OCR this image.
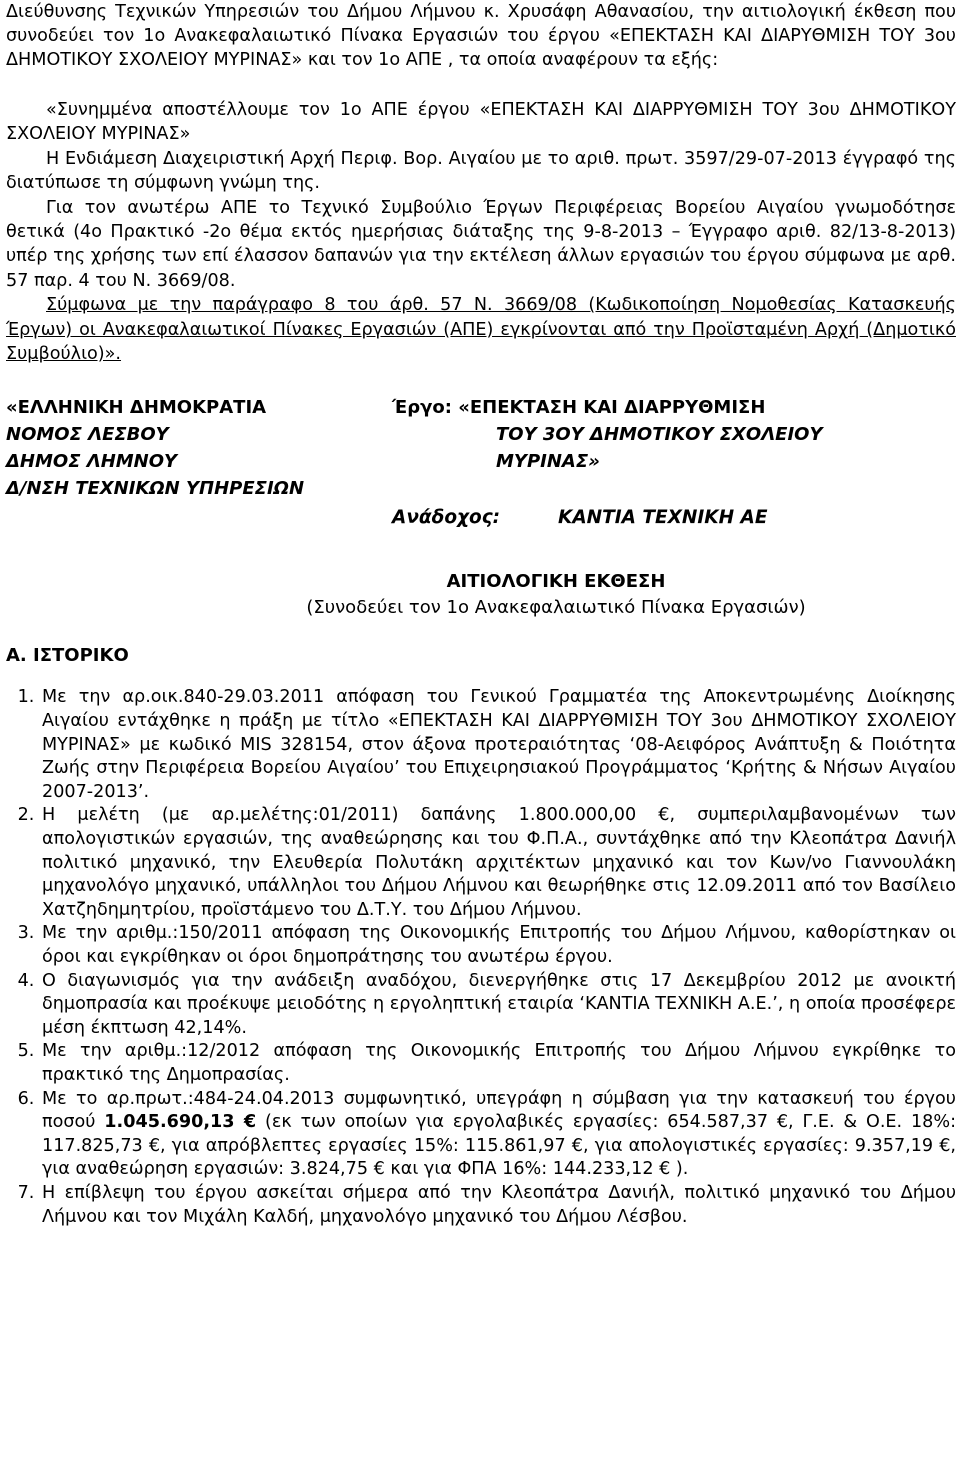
Διεύθυνσης Τεχνικών Υπηρεσιών του Δήμου Λήμνου κ. Χρυσάφη Αθανασίου, την αιτιολογική έκθεση που συνοδεύει τον 1ο Ανακεφαλαιωτικό Πίνακα Εργασιών του έργου «ΕΠΕΚΤΑΣΗ ΚΑΙ ΔΙΑΡΥΘΜΙΣΗ ΤΟΥ 3ου ΔΗΜΟΤΙΚΟΥ ΣΧΟΛΕΙΟΥ ΜΥΡΙΝΑΣ» και τον 1ο ΑΠΕ , τα οποία αναφέρουν τα εξής:

«Συνημμένα αποστέλλουμε τον 1ο ΑΠΕ έργου «ΕΠΕΚΤΑΣΗ ΚΑΙ ΔΙΑΡΡΥΘΜΙΣΗ ΤΟΥ 3ου ΔΗΜΟΤΙΚΟΥ ΣΧΟΛΕΙΟΥ ΜΥΡΙΝΑΣ»

Η Ενδιάμεση Διαχειριστική Αρχή Περιφ. Βορ. Αιγαίου με το αριθ. πρωτ. 3597/29-07-2013 έγγραφό της διατύπωσε τη σύμφωνη γνώμη της.

Για τον ανωτέρω ΑΠΕ το Τεχνικό Συμβούλιο Έργων Περιφέρειας Βορείου Αιγαίου γνωμοδότησε θετικά (4ο Πρακτικό -2ο θέμα εκτός ημερήσιας διάταξης της 9-8-2013 – Έγγραφο αριθ. 82/13-8-2013) υπέρ της χρήσης των επί έλασσον δαπανών για την εκτέλεση άλλων εργασιών του έργου σύμφωνα με αρθ. 57 παρ. 4 του Ν. 3669/08.

Σύμφωνα με την παράγραφο 8 του άρθ. 57 Ν. 3669/08 (Κωδικοποίηση Νομοθεσίας Κατασκευής Έργων) οι Ανακεφαλαιωτικοί Πίνακες Εργασιών (ΑΠΕ) εγκρίνονται από την Προϊσταμένη Αρχή (Δημοτικό Συμβούλιο)».

«ΕΛΛΗΝΙΚΗ ΔΗΜΟΚΡΑΤΙΑ
ΝΟΜΟΣ ΛΕΣΒΟΥ
ΔΗΜΟΣ ΛΗΜΝΟΥ
Δ/ΝΣΗ ΤΕΧΝΙΚΩΝ ΥΠΗΡΕΣΙΩΝ
Έργο: «ΕΠΕΚΤΑΣΗ ΚΑΙ ΔΙΑΡΡΥΘΜΙΣΗ
ΤΟΥ 3ΟΥ ΔΗΜΟΤΙΚΟΥ ΣΧΟΛΕΙΟΥ
ΜΥΡΙΝΑΣ»
Ανάδοχος:	ΚΑΝΤΙΑ ΤΕΧΝΙΚΗ ΑΕ
ΑΙΤΙΟΛΟΓΙΚΗ ΕΚΘΕΣΗ
(Συνοδεύει τον 1ο Ανακεφαλαιωτικό Πίνακα Εργασιών)
Α. ΙΣΤΟΡΙΚΟ
1. Με την αρ.οικ.840-29.03.2011 απόφαση του Γενικού Γραμματέα της Αποκεντρωμένης Διοίκησης Αιγαίου εντάχθηκε η πράξη με τίτλο «ΕΠΕΚΤΑΣΗ ΚΑΙ ΔΙΑΡΡΥΘΜΙΣΗ ΤΟΥ 3ου ΔΗΜΟΤΙΚΟΥ ΣΧΟΛΕΙΟΥ ΜΥΡΙΝΑΣ» με κωδικό MIS 328154, στον άξονα προτεραιότητας ‘08-Αειφόρος Ανάπτυξη & Ποιότητα Ζωής στην Περιφέρεια Βορείου Αιγαίου’ του Επιχειρησιακού Προγράμματος ‘Κρήτης & Νήσων Αιγαίου 2007-2013’.
2. Η μελέτη (με αρ.μελέτης:01/2011) δαπάνης 1.800.000,00 €, συμπεριλαμβανομένων των απολογιστικών εργασιών, της αναθεώρησης και του Φ.Π.Α., συντάχθηκε από την Κλεοπάτρα Δανιήλ πολιτικό μηχανικό, την Ελευθερία Πολυτάκη αρχιτέκτων μηχανικό και τον Κων/νο Γιαννουλάκη μηχανολόγο μηχανικό, υπάλληλοι του Δήμου Λήμνου και θεωρήθηκε στις 12.09.2011 από τον Βασίλειο Χατζηδημητρίου, προϊστάμενο του Δ.Τ.Υ. του Δήμου Λήμνου.
3. Με την αριθμ.:150/2011 απόφαση της Οικονομικής Επιτροπής του Δήμου Λήμνου, καθορίστηκαν οι όροι και εγκρίθηκαν οι όροι δημοπράτησης του ανωτέρω έργου.
4. Ο διαγωνισμός για την ανάδειξη αναδόχου, διενεργήθηκε στις 17 Δεκεμβρίου 2012 με ανοικτή δημοπρασία και προέκυψε μειοδότης η εργοληπτική εταιρία ‘ΚΑΝΤΙΑ ΤΕΧΝΙΚΗ Α.Ε.’, η οποία προσέφερε μέση έκπτωση 42,14%.
5. Με την αριθμ.:12/2012 απόφαση της Οικονομικής Επιτροπής του Δήμου Λήμνου εγκρίθηκε το πρακτικό της Δημοπρασίας.
6. Με το αρ.πρωτ.:484-24.04.2013 συμφωνητικό, υπεγράφη η σύμβαση για την κατασκευή του έργου ποσού 1.045.690,13 € (εκ των οποίων για εργολαβικές εργασίες: 654.587,37 €, Γ.Ε. & Ο.Ε. 18%: 117.825,73 €, για απρόβλεπτες εργασίες 15%: 115.861,97 €, για απολογιστικές εργασίες: 9.357,19 €, για αναθεώρηση εργασιών: 3.824,75 € και για ΦΠΑ 16%: 144.233,12 € ).
7. Η επίβλεψη του έργου ασκείται σήμερα από την Κλεοπάτρα Δανιήλ, πολιτικό μηχανικό του Δήμου Λήμνου και τον Μιχάλη Καλδή, μηχανολόγο μηχανικό του Δήμου Λέσβου.
